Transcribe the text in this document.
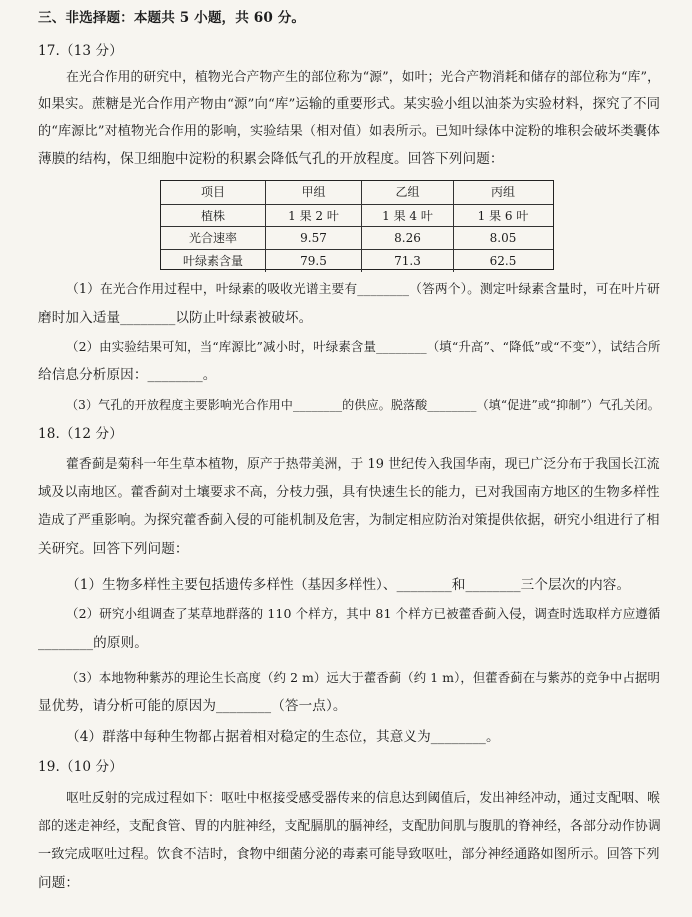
三、非选择题：本题共 5 小题，共 60 分。
17.（13 分）
在光合作用的研究中，植物光合产物产生的部位称为“源”，如叶；光合产物消耗和储存的部位称为“库”，
如果实。蔗糖是光合作用产物由“源”向“库”运输的重要形式。某实验小组以油茶为实验材料，探究了不同
的“库源比”对植物光合作用的影响，实验结果（相对值）如表所示。已知叶绿体中淀粉的堆积会破坏类囊体
薄膜的结构，保卫细胞中淀粉的积累会降低气孔的开放程度。回答下列问题：
项目	甲组	乙组	丙组
植株	1 果 2 叶	1 果 4 叶	1 果 6 叶
光合速率	9.57	8.26	8.05
叶绿素含量	79.5	71.3	62.5
（1）在光合作用过程中，叶绿素的吸收光谱主要有________（答两个）。测定叶绿素含量时，可在叶片研
磨时加入适量________以防止叶绿素被破坏。
（2）由实验结果可知，当“库源比”减小时，叶绿素含量________（填“升高”、“降低”或“不变”），试结合所
给信息分析原因：________。
（3）气孔的开放程度主要影响光合作用中________的供应。脱落酸________（填“促进”或“抑制”）气孔关闭。
18.（12 分）
藿香蓟是菊科一年生草本植物，原产于热带美洲，于 19 世纪传入我国华南，现已广泛分布于我国长江流
域及以南地区。藿香蓟对土壤要求不高，分枝力强，具有快速生长的能力，已对我国南方地区的生物多样性
造成了严重影响。为探究藿香蓟入侵的可能机制及危害，为制定相应防治对策提供依据，研究小组进行了相
关研究。回答下列问题：
（1）生物多样性主要包括遗传多样性（基因多样性）、________和________三个层次的内容。
（2）研究小组调查了某草地群落的 110 个样方，其中 81 个样方已被藿香蓟入侵，调查时选取样方应遵循
________的原则。
（3）本地物种紫苏的理论生长高度（约 2 m）远大于藿香蓟（约 1 m），但藿香蓟在与紫苏的竞争中占据明
显优势，请分析可能的原因为________（答一点）。
（4）群落中每种生物都占据着相对稳定的生态位，其意义为________。
19.（10 分）
呕吐反射的完成过程如下：呕吐中枢接受感受器传来的信息达到阈值后，发出神经冲动，通过支配咽、喉
部的迷走神经，支配食管、胃的内脏神经，支配膈肌的膈神经，支配肋间肌与腹肌的脊神经，各部分动作协调
一致完成呕吐过程。饮食不洁时，食物中细菌分泌的毒素可能导致呕吐，部分神经通路如图所示。回答下列
问题：
